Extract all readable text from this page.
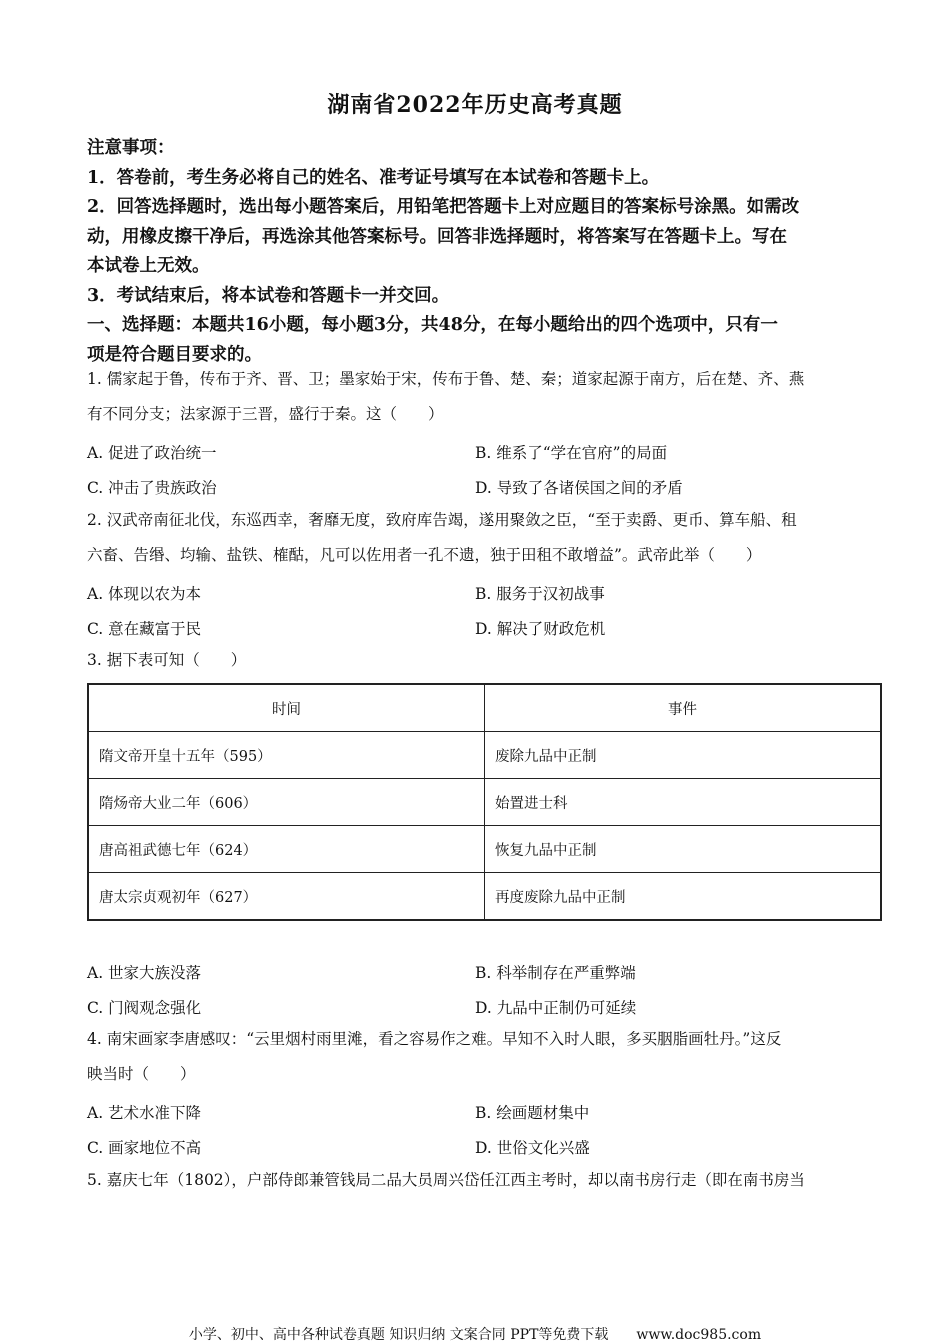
湖南省2022年历史高考真题
注意事项：
1．答卷前，考生务必将自己的姓名、准考证号填写在本试卷和答题卡上。
2．回答选择题时，选出每小题答案后，用铅笔把答题卡上对应题目的答案标号涂黑。如需改
动，用橡皮擦干净后，再选涂其他答案标号。回答非选择题时，将答案写在答题卡上。写在
本试卷上无效。
3．考试结束后，将本试卷和答题卡一并交回。
一、选择题：本题共16小题，每小题3分，共48分，在每小题给出的四个选项中，只有一
项是符合题目要求的。
1. 儒家起于鲁，传布于齐、晋、卫；墨家始于宋，传布于鲁、楚、秦；道家起源于南方，后在楚、齐、燕
有不同分支；法家源于三晋，盛行于秦。这（　　）
A. 促进了政治统一	B. 维系了“学在官府”的局面
C. 冲击了贵族政治	D. 导致了各诸侯国之间的矛盾
2. 汉武帝南征北伐，东巡西幸，奢靡无度，致府库告竭，遂用聚敛之臣，“至于卖爵、更币、算车船、租
六畜、告缗、均输、盐铁、榷酤，凡可以佐用者一孔不遗，独于田租不敢增益”。武帝此举（　　）
A. 体现以农为本	B. 服务于汉初战事
C. 意在藏富于民	D. 解决了财政危机
3. 据下表可知（　　）
时间	事件
隋文帝开皇十五年（595）	废除九品中正制
隋炀帝大业二年（606）	始置进士科
唐高祖武德七年（624）	恢复九品中正制
唐太宗贞观初年（627）	再度废除九品中正制
A. 世家大族没落	B. 科举制存在严重弊端
C. 门阀观念强化	D. 九品中正制仍可延续
4. 南宋画家李唐感叹：“云里烟村雨里滩，看之容易作之难。早知不入时人眼，多买胭脂画牡丹。”这反
映当时（　　）
A. 艺术水准下降	B. 绘画题材集中
C. 画家地位不高	D. 世俗文化兴盛
5. 嘉庆七年（1802），户部侍郎兼管钱局二品大员周兴岱任江西主考时，却以南书房行走（即在南书房当
小学、初中、高中各种试卷真题 知识归纳 文案合同 PPT等免费下载　　www.doc985.com
